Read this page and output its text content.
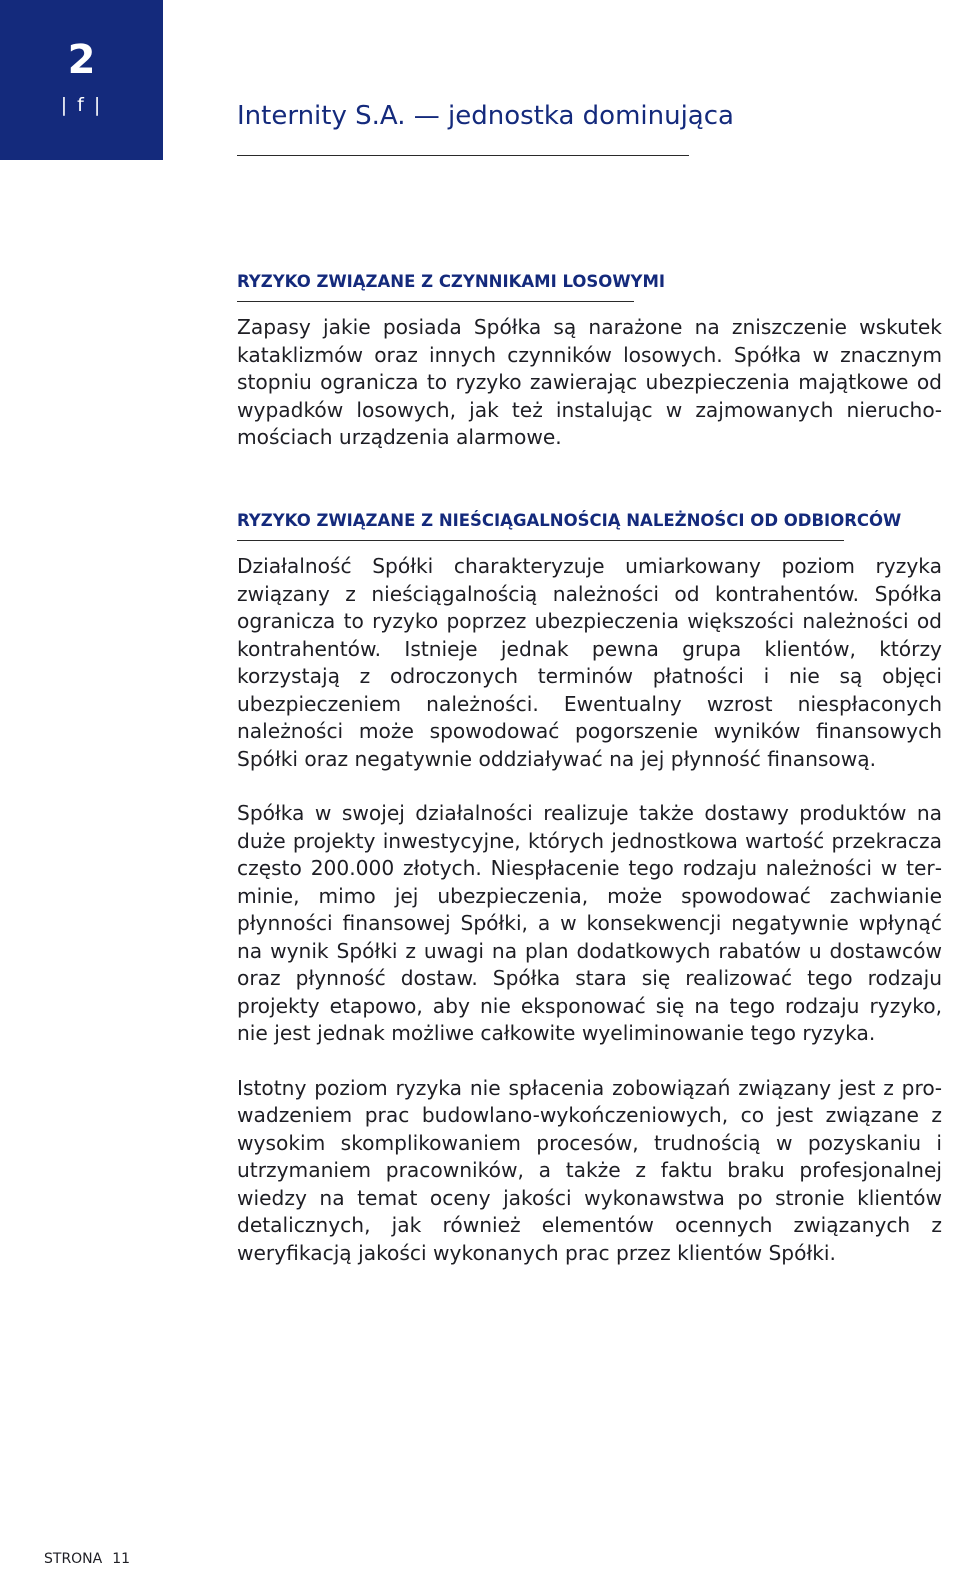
2
| f |	Internity S.A. — jednostka dominująca
RYZYKO ZWIĄZANE Z CZYNNIKAMI LOSOWYMI

Zapasy jakie posiada Spółka są narażone na zniszczenie wskutek kataklizmów oraz innych czynników losowych. Spółka w znacznym stopniu ogranicza to ryzyko zawierając ubezpieczenia majątkowe od wypadków losowych, jak też instalując w zajmowanych nieruchomościach urządzenia alarmowe.

RYZYKO ZWIĄZANE Z NIEŚCIĄGALNOŚCIĄ NALEŻNOŚCI OD ODBIORCÓW

Działalność Spółki charakteryzuje umiarkowany poziom ryzyka związany z nieściągalnością należności od kontrahentów. Spółka ogranicza to ryzyko poprzez ubezpieczenia większości należności od kontrahentów. Istnieje jednak pewna grupa klientów, którzy korzystają z odroczonych terminów płatności i nie są objęci ubezpieczeniem należności. Ewentualny wzrost niespłaconych należności może spowodować pogorszenie wyników finansowych Spółki oraz negatywnie oddziaływać na jej płynność finansową.

Spółka w swojej działalności realizuje także dostawy produktów na duże projekty inwestycyjne, których jednostkowa wartość przekracza często 200.000 złotych. Niespłacenie tego rodzaju należności w terminie, mimo jej ubezpieczenia, może spowodować zachwianie płynności finansowej Spółki, a w konsekwencji negatywnie wpłynąć na wynik Spółki z uwagi na plan dodatkowych rabatów u dostawców oraz płynność dostaw. Spółka stara się realizować tego rodzaju projekty etapowo, aby nie eksponować się na tego rodzaju ryzyko, nie jest jednak możliwe całkowite wyeliminowanie tego ryzyka.

Istotny poziom ryzyka nie spłacenia zobowiązań związany jest z prowadzeniem prac budowlano-wykończeniowych, co jest związane z wysokim skomplikowaniem procesów, trudnością w pozyskaniu i utrzymaniem pracowników, a także z faktu braku profesjonalnej wiedzy na temat oceny jakości wykonawstwa po stronie klientów detalicznych, jak również elementów ocennych związanych z weryfikacją jakości wykonanych prac przez klientów Spółki.

STRONA 11
